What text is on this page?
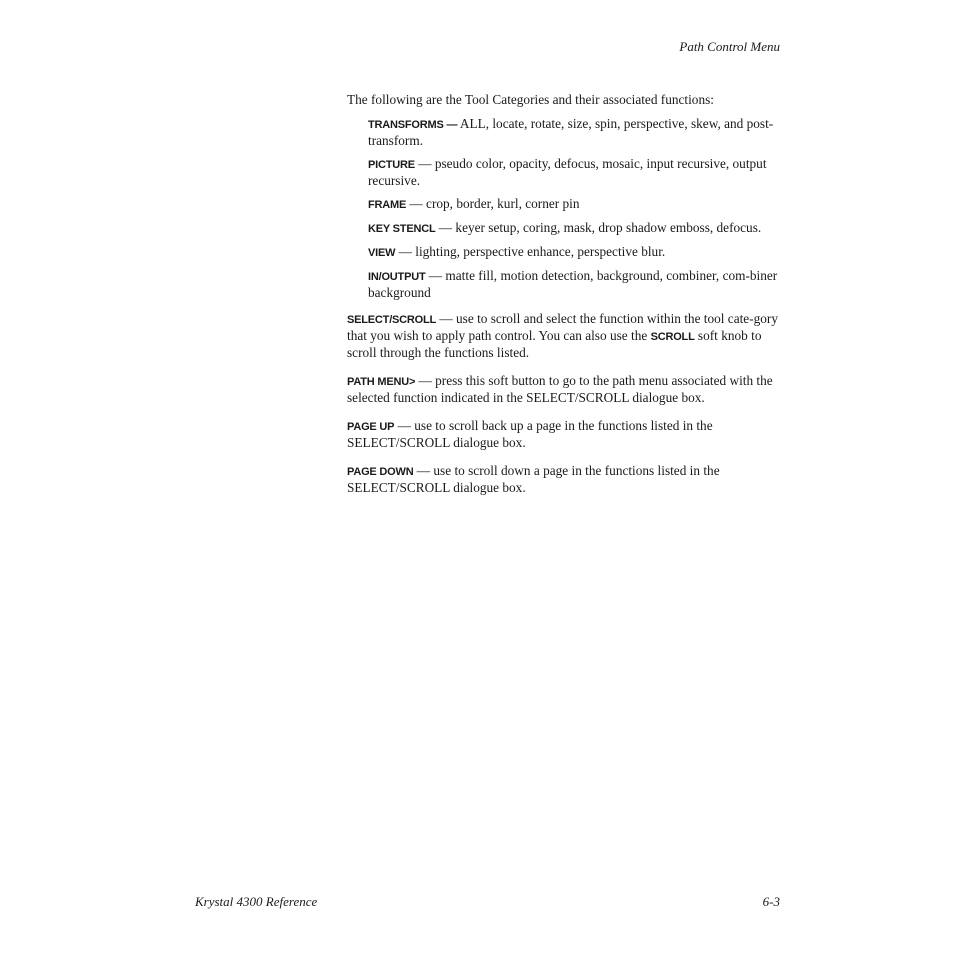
Path Control Menu

The following are the Tool Categories and their associated functions:

TRANSFORMS — ALL, locate, rotate, size, spin, perspective, skew, and post- transform.
PICTURE — pseudo color, opacity, defocus, mosaic, input recursive, output recursive.
FRAME — crop, border, kurl, corner pin
KEY STENCL — keyer setup, coring, mask, drop shadow emboss, defocus.
VIEW — lighting, perspective enhance, perspective blur.
IN/OUTPUT — matte fill, motion detection, background, combiner, com-biner background

SELECT/SCROLL — use to scroll and select the function within the tool cate-gory that you wish to apply path control. You can also use the SCROLL soft knob to scroll through the functions listed.

PATH MENU> — press this soft button to go to the path menu associated with the selected function indicated in the SELECT/SCROLL dialogue box.

PAGE UP — use to scroll back up a page in the functions listed in the SELECT/SCROLL dialogue box.

PAGE DOWN — use to scroll down a page in the functions listed in the SELECT/SCROLL dialogue box.

Krystal 4300 Reference	6-3
